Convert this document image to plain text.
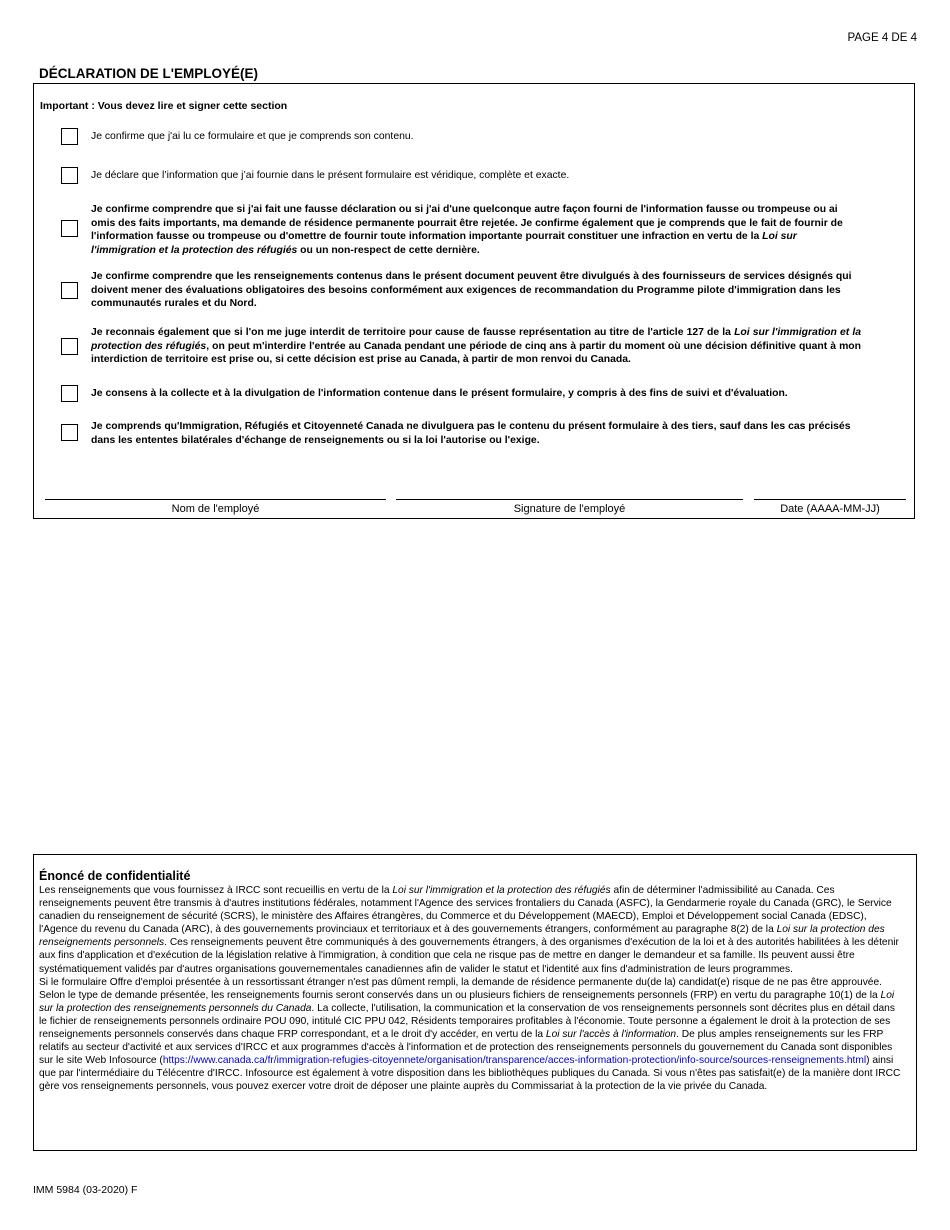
PAGE 4 DE 4
DÉCLARATION DE L'EMPLOYÉ(E)
Important : Vous devez lire et signer cette section
Je confirme que j'ai lu ce formulaire et que je comprends son contenu.
Je déclare que l’information que j’ai fournie dans le présent formulaire est véridique, complète et exacte.
Je confirme comprendre que si j'ai fait une fausse déclaration ou si j'ai d'une quelconque autre façon fourni de l'information fausse ou trompeuse ou ai omis des faits importants, ma demande de résidence permanente pourrait être rejetée. Je confirme également que je comprends que le fait de fournir de l'information fausse ou trompeuse ou d'omettre de fournir toute information importante pourrait constituer une infraction en vertu de la Loi sur l'immigration et la protection des réfugiés ou un non-respect de cette dernière.
Je confirme comprendre que les renseignements contenus dans le présent document peuvent être divulgués à des fournisseurs de services désignés qui doivent mener des évaluations obligatoires des besoins conformément aux exigences de recommandation du Programme pilote d'immigration dans les communautés rurales et du Nord.
Je reconnais également que si l'on me juge interdit de territoire pour cause de fausse représentation au titre de l'article 127 de la Loi sur l'immigration et la protection des réfugiés, on peut m'interdire l'entrée au Canada pendant une période de cinq ans à partir du moment où une décision définitive quant à mon interdiction de territoire est prise ou, si cette décision est prise au Canada, à partir de mon renvoi du Canada.
Je consens à la collecte et à la divulgation de l'information contenue dans le présent formulaire, y compris à des fins de suivi et d'évaluation.
Je comprends qu'Immigration, Réfugiés et Citoyenneté Canada ne divulguera pas le contenu du présent formulaire à des tiers, sauf dans les cas précisés dans les ententes bilatérales d'échange de renseignements ou si la loi l'autorise ou l'exige.
Nom de l'employé	Signature de l'employé	Date (AAAA-MM-JJ)
Énoncé de confidentialité

Les renseignements que vous fournissez à IRCC sont recueillis en vertu de la Loi sur l'immigration et la protection des réfugiés afin de déterminer l'admissibilité au Canada. Ces renseignements peuvent être transmis à d'autres institutions fédérales, notamment l'Agence des services frontaliers du Canada (ASFC), la Gendarmerie royale du Canada (GRC), le Service canadien du renseignement de sécurité (SCRS), le ministère des Affaires étrangères, du Commerce et du Développement (MAECD), Emploi et Développement social Canada (EDSC), l'Agence du revenu du Canada (ARC), à des gouvernements provinciaux et territoriaux et à des gouvernements étrangers, conformément au paragraphe 8(2) de la Loi sur la protection des renseignements personnels. Ces renseignements peuvent être communiqués à des gouvernements étrangers, à des organismes d'exécution de la loi et à des autorités habilitées à les détenir aux fins d'application et d'exécution de la législation relative à l'immigration, à condition que cela ne risque pas de mettre en danger le demandeur et sa famille. Ils peuvent aussi être systématiquement validés par d'autres organisations gouvernementales canadiennes afin de valider le statut et l'identité aux fins d'administration de leurs programmes.

Si le formulaire Offre d'emploi présentée à un ressortissant étranger n'est pas dûment rempli, la demande de résidence permanente du(de la) candidat(e) risque de ne pas être approuvée.

Selon le type de demande présentée, les renseignements fournis seront conservés dans un ou plusieurs fichiers de renseignements personnels (FRP) en vertu du paragraphe 10(1) de la Loi sur la protection des renseignements personnels du Canada. La collecte, l'utilisation, la communication et la conservation de vos renseignements personnels sont décrites plus en détail dans le fichier de renseignements personnels ordinaire POU 090, intitulé CIC PPU 042, Résidents temporaires profitables à l'économie. Toute personne a également le droit à la protection de ses renseignements personnels conservés dans chaque FRP correspondant, et a le droit d'y accéder, en vertu de la Loi sur l'accès à l'information. De plus amples renseignements sur les FRP relatifs au secteur d'activité et aux services d'IRCC et aux programmes d'accès à l'information et de protection des renseignements personnels du gouvernement du Canada sont disponibles sur le site Web Infosource (https://www.canada.ca/fr/immigration-refugies-citoyennete/organisation/transparence/acces-information-protection/info-source/sources-renseignements.html) ainsi que par l'intermédiaire du Télécentre d'IRCC. Infosource est également à votre disposition dans les bibliothèques publiques du Canada. Si vous n'êtes pas satisfait(e) de la manière dont IRCC gère vos renseignements personnels, vous pouvez exercer votre droit de déposer une plainte auprès du Commissariat à la protection de la vie privée du Canada.

IMM 5984 (03-2020) F
